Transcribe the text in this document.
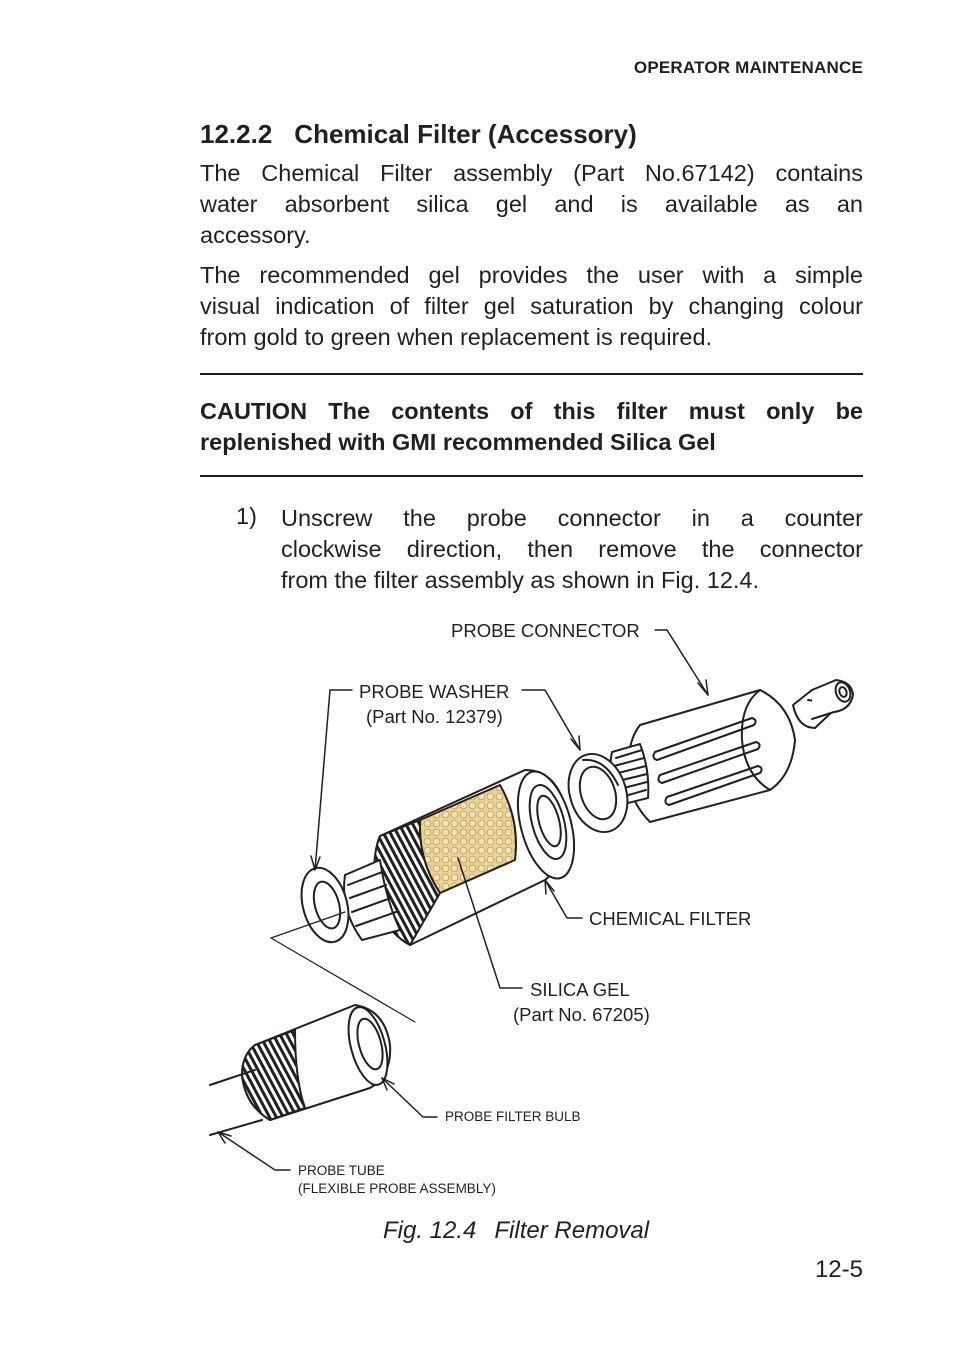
OPERATOR MAINTENANCE
12.2.2 Chemical Filter (Accessory)
The Chemical Filter assembly (Part No.67142) contains
water absorbent silica gel and is available as an
accessory.
The recommended gel provides the user with a simple
visual indication of filter gel saturation by changing colour
from gold to green when replacement is required.
CAUTION The contents of this filter must only be
replenished with GMI recommended Silica Gel
1) Unscrew the probe connector in a counter
clockwise direction, then remove the connector
from the filter assembly as shown in Fig. 12.4.
PROBE CONNECTOR
PROBE WASHER
(Part No. 12379)
CHEMICAL FILTER
SILICA GEL
(Part No. 67205)
PROBE FILTER BULB
PROBE TUBE
(FLEXIBLE PROBE ASSEMBLY)
Fig. 12.4 Filter Removal
12-5
